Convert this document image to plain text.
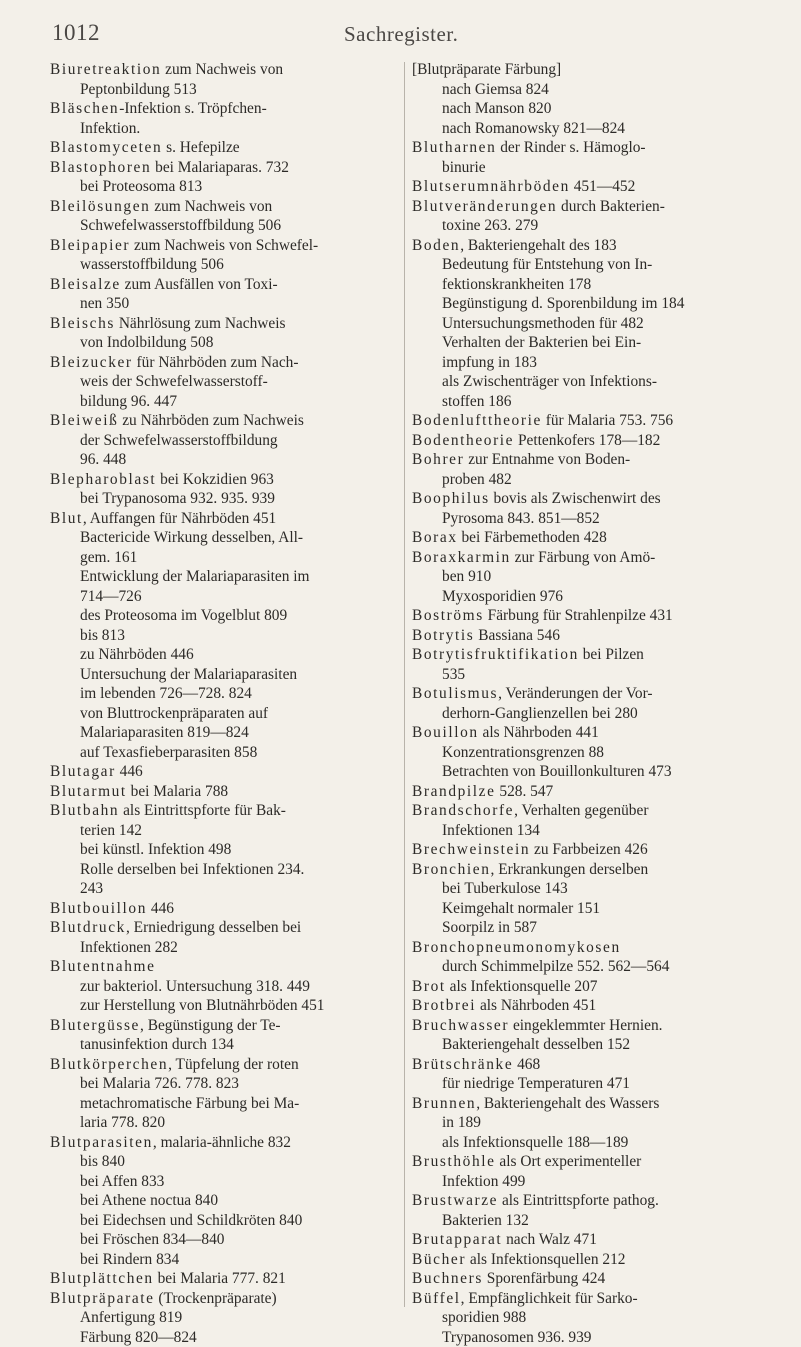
1012	Sachregister.
Biuretreaktion zum Nachweis von
Peptonbildung 513
Bläschen-Infektion s. Tröpfchen-
Infektion.
Blastomyceten s. Hefepilze
Blastophoren bei Malariaparas. 732
bei Proteosoma 813
Bleilösungen zum Nachweis von
Schwefelwasserstoffbildung 506
Bleipapier zum Nachweis von Schwefel-
wasserstoffbildung 506
Bleisalze zum Ausfällen von Toxi-
nen 350
Bleischs Nährlösung zum Nachweis
von Indolbildung 508
Bleizucker für Nährböden zum Nach-
weis der Schwefelwasserstoff-
bildung 96. 447
Bleiweiß zu Nährböden zum Nachweis
der Schwefelwasserstoffbildung
96. 448
Blepharoblast bei Kokzidien 963
bei Trypanosoma 932. 935. 939
Blut, Auffangen für Nährböden 451
Bactericide Wirkung desselben, All-
gem. 161
Entwicklung der Malariaparasiten im
714—726
des Proteosoma im Vogelblut 809
bis 813
zu Nährböden 446
Untersuchung der Malariaparasiten
im lebenden 726—728. 824
von Bluttrockenpräparaten auf
Malariaparasiten 819—824
auf Texasfieberparasiten 858
Blutagar 446
Blutarmut bei Malaria 788
Blutbahn als Eintrittspforte für Bak-
terien 142
bei künstl. Infektion 498
Rolle derselben bei Infektionen 234.
243
Blutbouillon 446
Blutdruck, Erniedrigung desselben bei
Infektionen 282
Blutentnahme
zur bakteriol. Untersuchung 318. 449
zur Herstellung von Blutnährböden 451
Blutergüsse, Begünstigung der Te-
tanusinfektion durch 134
Blutkörperchen, Tüpfelung der roten
bei Malaria 726. 778. 823
metachromatische Färbung bei Ma-
laria 778. 820
Blutparasiten, malaria-ähnliche 832
bis 840
bei Affen 833
bei Athene noctua 840
bei Eidechsen und Schildkröten 840
bei Fröschen 834—840
bei Rindern 834
Blutplättchen bei Malaria 777. 821
Blutpräparate (Trockenpräparate)
Anfertigung 819
Färbung 820—824
[Blutpräparate Färbung]
nach Giemsa 824
nach Manson 820
nach Romanowsky 821—824
Blutharnen der Rinder s. Hämoglo-
binurie
Blutserumnährböden 451—452
Blutveränderungen durch Bakterien-
toxine 263. 279
Boden, Bakteriengehalt des 183
Bedeutung für Entstehung von In-
fektionskrankheiten 178
Begünstigung d. Sporenbildung im 184
Untersuchungsmethoden für 482
Verhalten der Bakterien bei Ein-
impfung in 183
als Zwischenträger von Infektions-
stoffen 186
Bodenlufttheorie für Malaria 753. 756
Bodentheorie Pettenkofers 178—182
Bohrer zur Entnahme von Boden-
proben 482
Boophilus bovis als Zwischenwirt des
Pyrosoma 843. 851—852
Borax bei Färbemethoden 428
Boraxkarmin zur Färbung von Amö-
ben 910
Myxosporidien 976
Boströms Färbung für Strahlenpilze 431
Botrytis Bassiana 546
Botrytisfruktifikation bei Pilzen
535
Botulismus, Veränderungen der Vor-
derhorn-Ganglienzellen bei 280
Bouillon als Nährboden 441
Konzentrationsgrenzen 88
Betrachten von Bouillonkulturen 473
Brandpilze 528. 547
Brandschorfe, Verhalten gegenüber
Infektionen 134
Brechweinstein zu Farbbeizen 426
Bronchien, Erkrankungen derselben
bei Tuberkulose 143
Keimgehalt normaler 151
Soorpilz in 587
Bronchopneumonomykosen
durch Schimmelpilze 552. 562—564
Brot als Infektionsquelle 207
Brotbrei als Nährboden 451
Bruchwasser eingeklemmter Hernien.
Bakteriengehalt desselben 152
Brütschränke 468
für niedrige Temperaturen 471
Brunnen, Bakteriengehalt des Wassers
in 189
als Infektionsquelle 188—189
Brusthöhle als Ort experimenteller
Infektion 499
Brustwarze als Eintrittspforte pathog.
Bakterien 132
Brutapparat nach Walz 471
Bücher als Infektionsquellen 212
Buchners Sporenfärbung 424
Büffel, Empfänglichkeit für Sarko-
sporidien 988
Trypanosomen 936. 939
